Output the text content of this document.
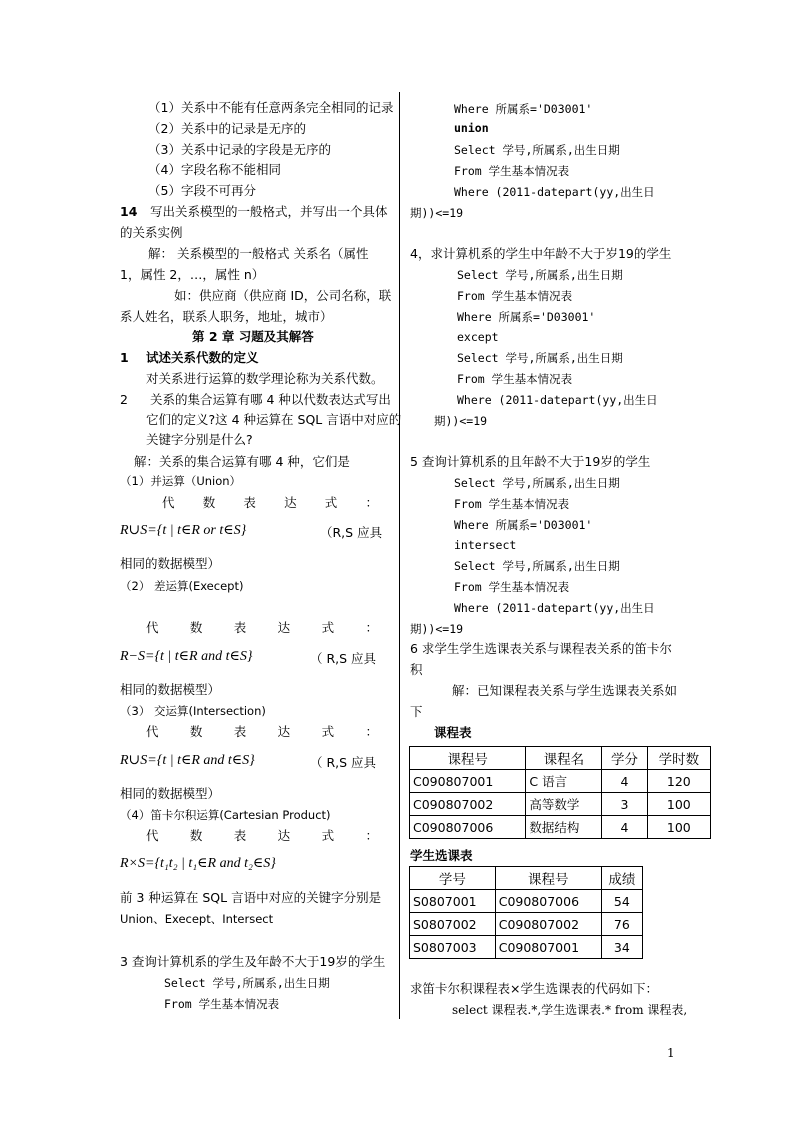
（1）关系中不能有任意两条完全相同的记录
（2）关系中的记录是无序的
（3）关系中记录的字段是无序的
（4）字段名称不能相同
（5）字段不可再分
14 写出关系模型的一般格式，并写出一个具体
的关系实例
解： 关系模型的一般格式 关系名（属性
1，属性 2，…，属性 n）
如：供应商（供应商 ID，公司名称，联
系人姓名，联系人职务，地址，城市）
第 2 章 习题及其解答
1 试述关系代数的定义
对关系进行运算的数学理论称为关系代数。
2 关系的集合运算有哪 4 种以代数表达式写出
它们的定义?这 4 种运算在 SQL 言语中对应的
关键字分别是什么?
解：关系的集合运算有哪 4 种，它们是
（1）并运算（Union）
代 数 表 达 式 ：
R∪S={t | t∈R or t∈S}	（R,S 应具
相同的数据模型）
（2） 差运算(Execept)
代	数	表	达	式	：
R−S={t | t∈R and t∈S}	（ R,S 应具
相同的数据模型）
（3） 交运算(Intersection)
代	数	表	达	式	：
R∪S={t | t∈R and t∈S}	（ R,S 应具
相同的数据模型）
（4）笛卡尔积运算(Cartesian Product)
代	数	表	达	式	：
R×S={t₁t₂ | t₁∈R and t₂∈S}
前 3 种运算在 SQL 言语中对应的关键字分别是
Union、Execept、Intersect
3 查询计算机系的学生及年龄不大于19岁的学生
Select 学号,所属系,出生日期
From 学生基本情况表
Where 所属系='D03001'
union
Select 学号,所属系,出生日期
From 学生基本情况表
Where (2011-datepart(yy,出生日
期))<=19
4，求计算机系的学生中年龄不大于岁19的学生
Select 学号,所属系,出生日期
From 学生基本情况表
Where 所属系='D03001'
except
Select 学号,所属系,出生日期
From 学生基本情况表
Where (2011-datepart(yy,出生日
期))<=19
5 查询计算机系的且年龄不大于19岁的学生
Select 学号,所属系,出生日期
From 学生基本情况表
Where 所属系='D03001'
intersect
Select 学号,所属系,出生日期
From 学生基本情况表
Where (2011-datepart(yy,出生日
期))<=19
6 求学生学生选课表关系与课程表关系的笛卡尔
积
解：已知课程表关系与学生选课表关系如
下
课程表
课程号	课程名	学分	学时数
C090807001	C 语言	4	120
C090807002	高等数学	3	100
C090807006	数据结构	4	100
学生选课表
学号	课程号	成绩
S0807001	C090807006	54
S0807002	C090807002	76
S0807003	C090807001	34
求笛卡尔积课程表×学生选课表的代码如下：
select 课程表.*,学生选课表.* from 课程表,
1
